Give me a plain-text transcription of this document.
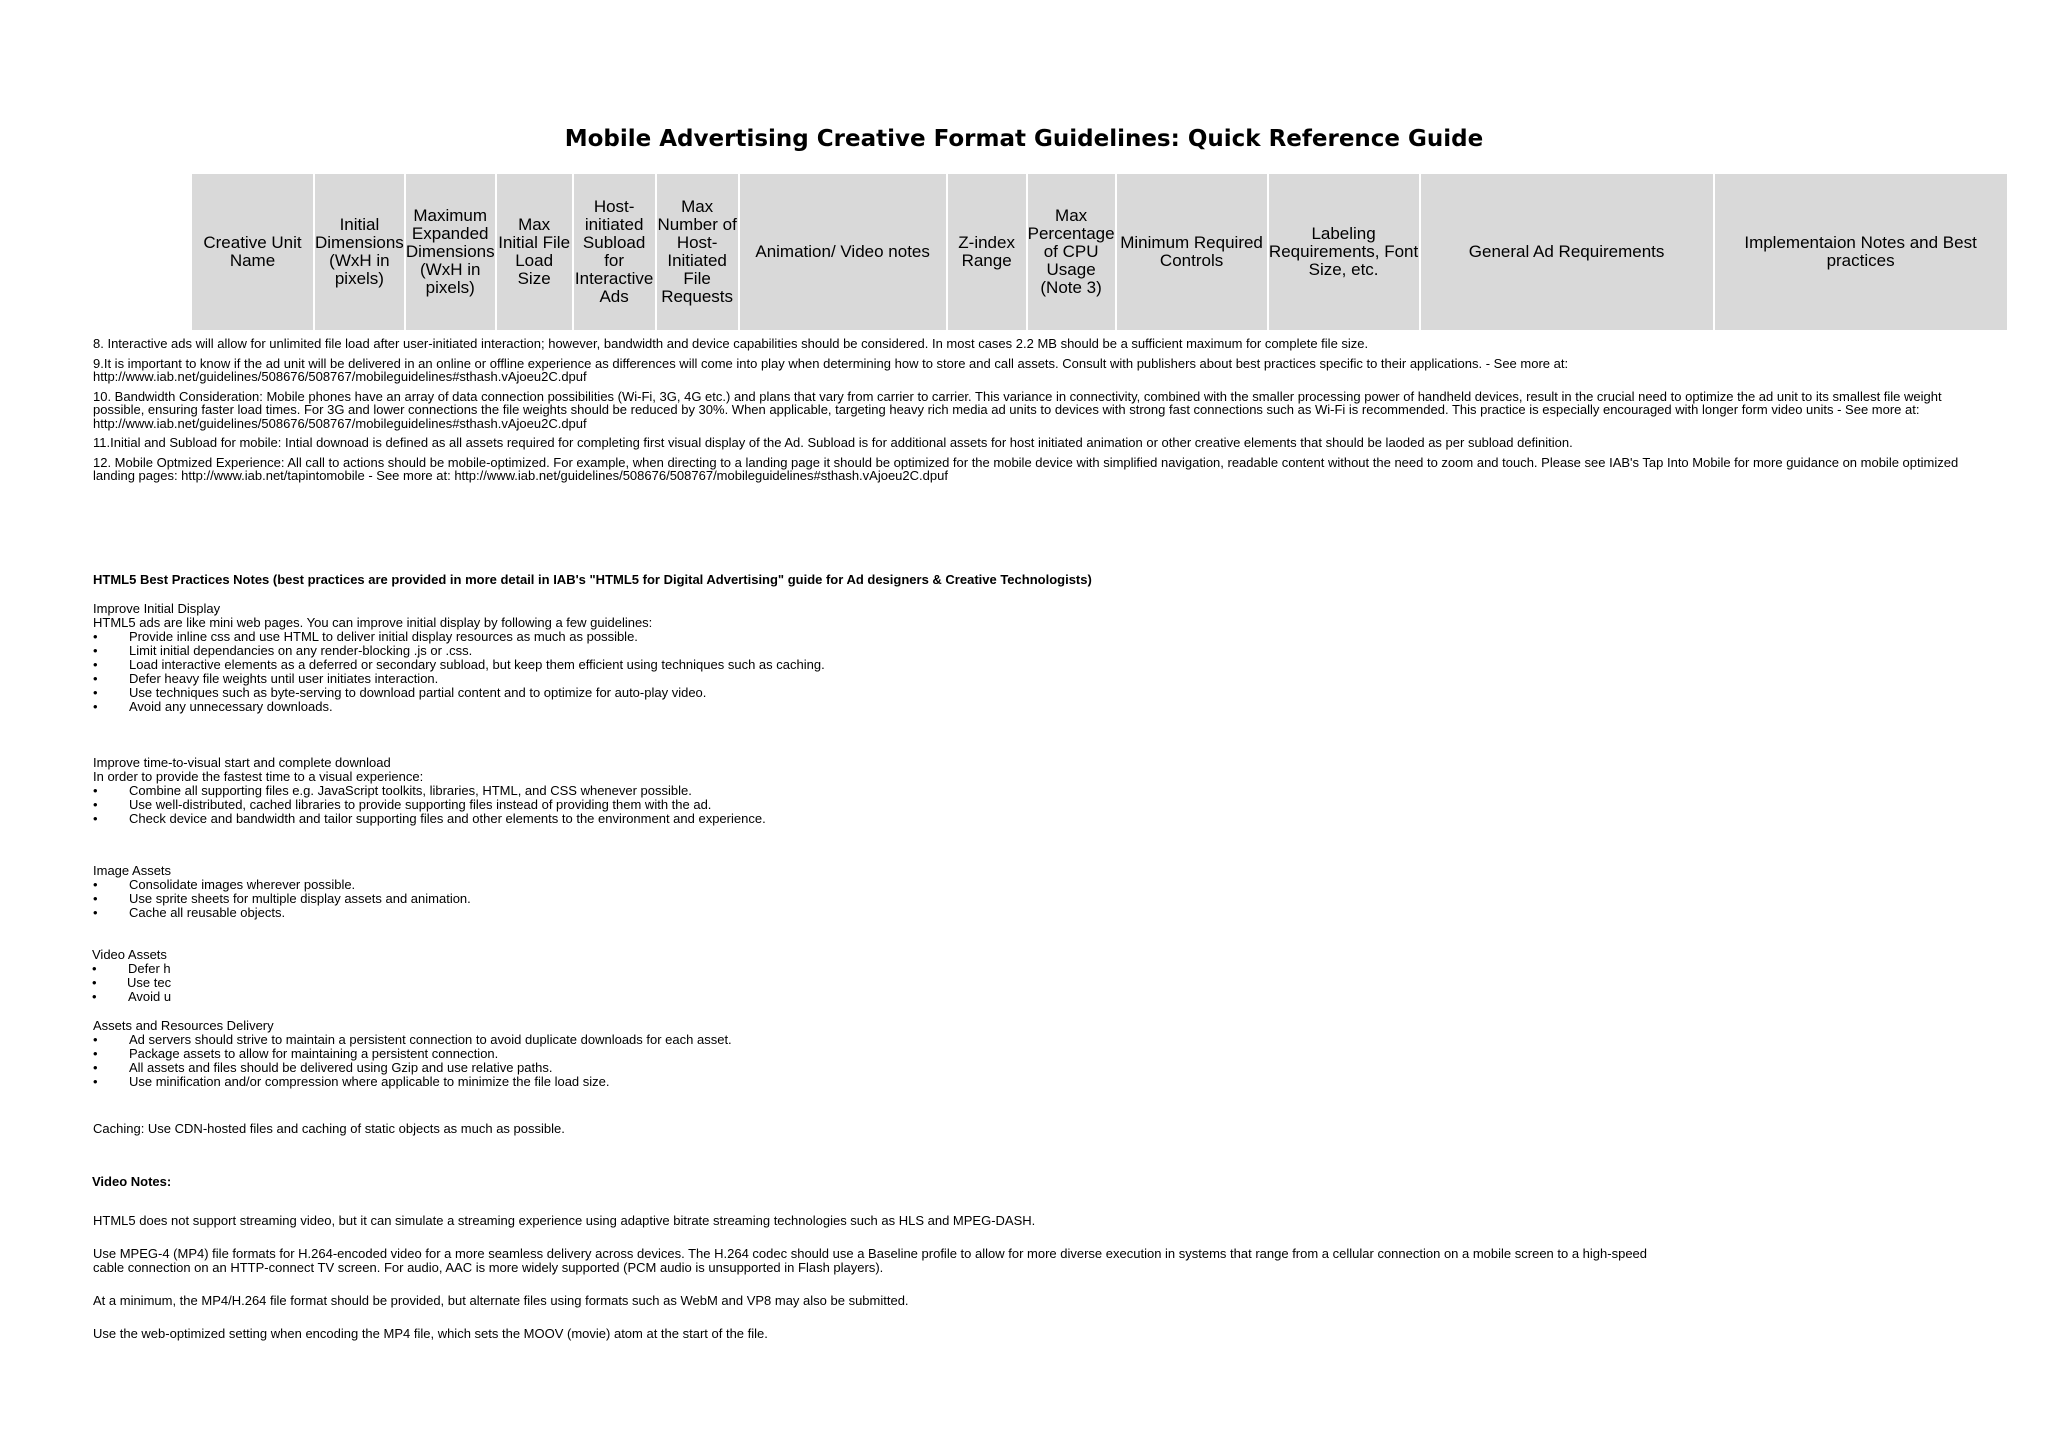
Mobile Advertising Creative Format Guidelines: Quick Reference Guide
Creative Unit Name	Initial Dimensions (WxH in pixels)	Maximum Expanded Dimensions (WxH in pixels)	Max Initial File Load Size	Host-initiated Subload for Interactive Ads	Max Number of Host-Initiated File Requests	Animation/ Video notes	Z-index Range	Max Percentage of CPU Usage (Note 3)	Minimum Required Controls	Labeling Requirements, Font Size, etc.	General Ad Requirements	Implementaion Notes and Best practices

8. Interactive ads will allow for unlimited file load after user-initiated interaction; however, bandwidth and device capabilities should be considered. In most cases 2.2 MB should be a sufficient maximum for complete file size.

9.It is important to know if the ad unit will be delivered in an online or offline experience as differences will come into play when determining how to store and call assets. Consult with publishers about best practices specific to their applications. - See more at: http://www.iab.net/guidelines/508676/508767/mobileguidelines#sthash.vAjoeu2C.dpuf

10. Bandwidth Consideration: Mobile phones have an array of data connection possibilities (Wi-Fi, 3G, 4G etc.) and plans that vary from carrier to carrier. This variance in connectivity, combined with the smaller processing power of handheld devices, result in the crucial need to optimize the ad unit to its smallest file weight possible, ensuring faster load times. For 3G and lower connections the file weights should be reduced by 30%. When applicable, targeting heavy rich media ad units to devices with strong fast connections such as Wi-Fi is recommended. This practice is especially encouraged with longer form video units - See more at: http://www.iab.net/guidelines/508676/508767/mobileguidelines#sthash.vAjoeu2C.dpuf

11.Initial and Subload for mobile: Intial downoad is defined as all assets required for completing first visual display of the Ad. Subload is for additional assets for host initiated animation or other creative elements that should be laoded as per subload definition.

12. Mobile Optmized Experience: All call to actions should be mobile-optimized. For example, when directing to a landing page it should be optimized for the mobile device with simplified navigation, readable content without the need to zoom and touch. Please see IAB's Tap Into Mobile for more guidance on mobile optimized landing pages: http://www.iab.net/tapintomobile - See more at: http://www.iab.net/guidelines/508676/508767/mobileguidelines#sthash.vAjoeu2C.dpuf

HTML5 Best Practices Notes (best practices are provided in more detail in IAB's "HTML5 for Digital Advertising" guide for Ad designers & Creative Technologists)
Improve Initial Display
HTML5 ads are like mini web pages. You can improve initial display by following a few guidelines:
•	Provide inline css and use HTML to deliver initial display resources as much as possible.
•	Limit initial dependancies on any render-blocking .js or .css.
•	Load interactive elements as a deferred or secondary subload, but keep them efficient using techniques such as caching.
•	Defer heavy file weights until user initiates interaction.
•	Use techniques such as byte-serving to download partial content and to optimize for auto-play video.
•	Avoid any unnecessary downloads.
Improve time-to-visual start and complete download
In order to provide the fastest time to a visual experience:
•	Combine all supporting files e.g. JavaScript toolkits, libraries, HTML, and CSS whenever possible.
•	Use well-distributed, cached libraries to provide supporting files instead of providing them with the ad.
•	Check device and bandwidth and tailor supporting files and other elements to the environment and experience.
Image Assets
•	Consolidate images wherever possible.
•	Use sprite sheets for multiple display assets and animation.
•	Cache all reusable objects.
Video Assets
•	Defer h
•	Use tec
•	Avoid u
Assets and Resources Delivery
•	Ad servers should strive to maintain a persistent connection to avoid duplicate downloads for each asset.
•	Package assets to allow for maintaining a persistent connection.
•	All assets and files should be delivered using Gzip and use relative paths.
•	Use minification and/or compression where applicable to minimize the file load size.
Caching: Use CDN-hosted files and caching of static objects as much as possible.
Video Notes:
HTML5 does not support streaming video, but it can simulate a streaming experience using adaptive bitrate streaming technologies such as HLS and MPEG-DASH.
Use MPEG-4 (MP4) file formats for H.264-encoded video for a more seamless delivery across devices. The H.264 codec should use a Baseline profile to allow for more diverse execution in systems that range from a cellular connection on a mobile screen to a high-speed cable connection on an HTTP-connect TV screen. For audio, AAC is more widely supported (PCM audio is unsupported in Flash players).
At a minimum, the MP4/H.264 file format should be provided, but alternate files using formats such as WebM and VP8 may also be submitted.
Use the web-optimized setting when encoding the MP4 file, which sets the MOOV (movie) atom at the start of the file.
